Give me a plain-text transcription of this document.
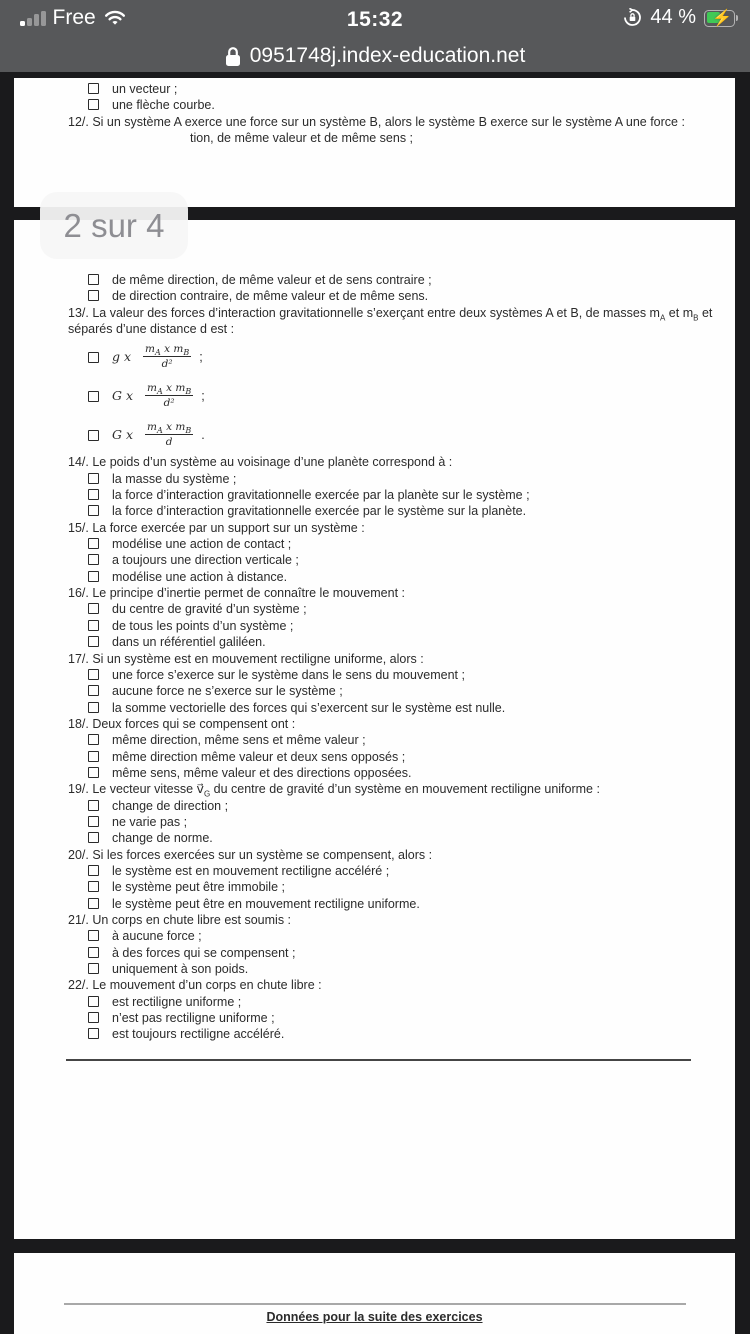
Free	15:32	44 % ⚡
0951748j.index-education.net
un vecteur ;
une flèche courbe.
12/. Si un système A exerce une force sur un système B, alors le système B exerce sur le système A une force :
tion, de même valeur et de même sens ;
2 sur 4
de même direction, de même valeur et de sens contraire ;
de direction contraire, de même valeur et de même sens.
13/. La valeur des forces d’interaction gravitationnelle s’exerçant entre deux systèmes A et B, de masses $m_A$ et $m_B$ et séparés d’une distance d est :
g x $\frac{m_A x m_B}{\text{d²}}$ ;
G x $\frac{m_A x m_B}{\text{d²}}$ ;
G x $\frac{m_A x m_B}{d}$ .
14/. Le poids d’un système au voisinage d’une planète correspond à :
la masse du système ;
la force d’interaction gravitationnelle exercée par la planète sur le système ;
la force d’interaction gravitationnelle exercée par le système sur la planète.
15/. La force exercée par un support sur un système :
modélise une action de contact ;
a toujours une direction verticale ;
modélise une action à distance.
16/. Le principe d’inertie permet de connaître le mouvement :
du centre de gravité d’un système ;
de tous les points d’un système ;
dans un référentiel galiléen.
17/. Si un système est en mouvement rectiligne uniforme, alors :
une force s’exerce sur le système dans le sens du mouvement ;
aucune force ne s’exerce sur le système ;
la somme vectorielle des forces qui s’exercent sur le système est nulle.
18/. Deux forces qui se compensent ont :
même direction, même sens et même valeur ;
même direction même valeur et deux sens opposés ;
même sens, même valeur et des directions opposées.
19/. Le vecteur vitesse $v⃗_G$ du centre de gravité d’un système en mouvement rectiligne uniforme :
change de direction ;
ne varie pas ;
change de norme.
20/. Si les forces exercées sur un système se compensent, alors :
le système est en mouvement rectiligne accéléré ;
le système peut être immobile ;
le système peut être en mouvement rectiligne uniforme.
21/. Un corps en chute libre est soumis :
à aucune force ;
à des forces qui se compensent ;
uniquement à son poids.
22/. Le mouvement d’un corps en chute libre :
est rectiligne uniforme ;
n’est pas rectiligne uniforme ;
est toujours rectiligne accéléré.
Données pour la suite des exercices
